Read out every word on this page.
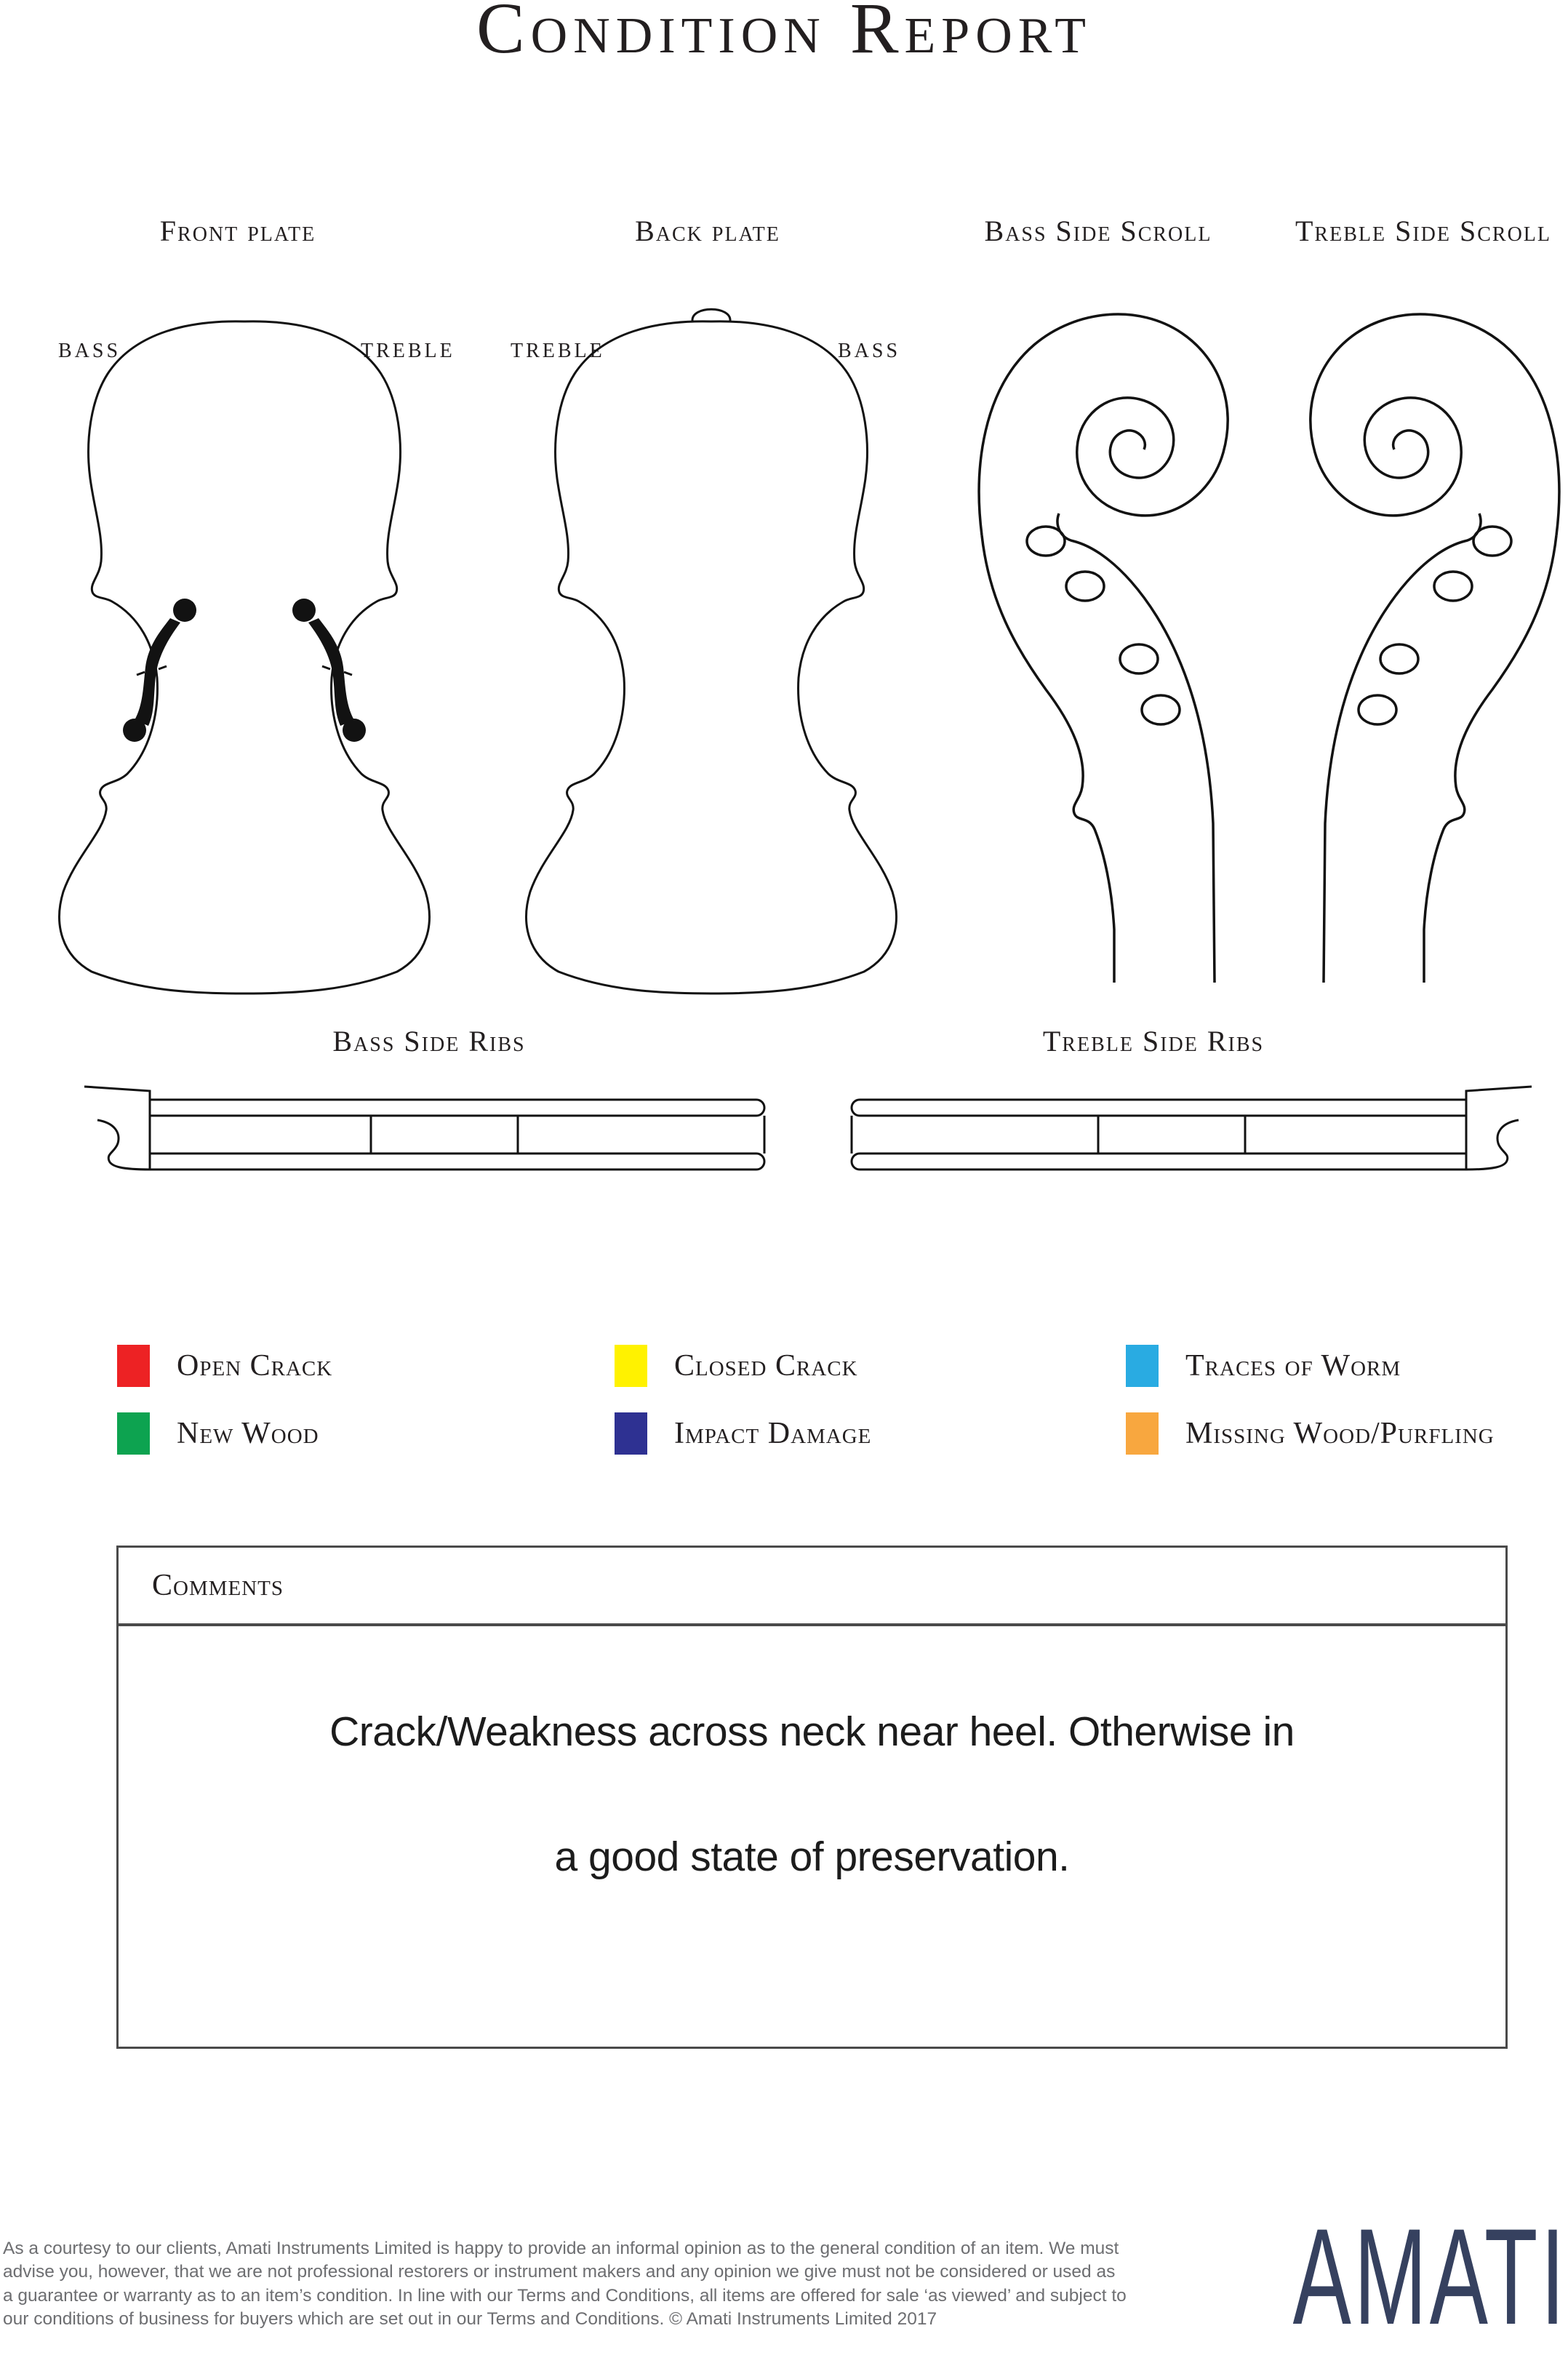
Condition Report
Front plate	Back plate	Bass Side Scroll	Treble Side Scroll
BASS	TREBLE	TREBLE	BASS
Bass Side Ribs	Treble Side Ribs
Open Crack	Closed Crack	Traces of Worm
New Wood	Impact Damage	Missing Wood/Purfling
Comments
Crack/Weakness across neck near heel. Otherwise in
a good state of preservation.
As a courtesy to our clients, Amati Instruments Limited is happy to provide an informal opinion as to the general condition of an item. We must
advise you, however, that we are not professional restorers or instrument makers and any opinion we give must not be considered or used as
a guarantee or warranty as to an item’s condition. In line with our Terms and Conditions, all items are offered for sale ‘as viewed’ and subject to
our conditions of business for buyers which are set out in our Terms and Conditions. © Amati Instruments Limited 2017	AMATI
